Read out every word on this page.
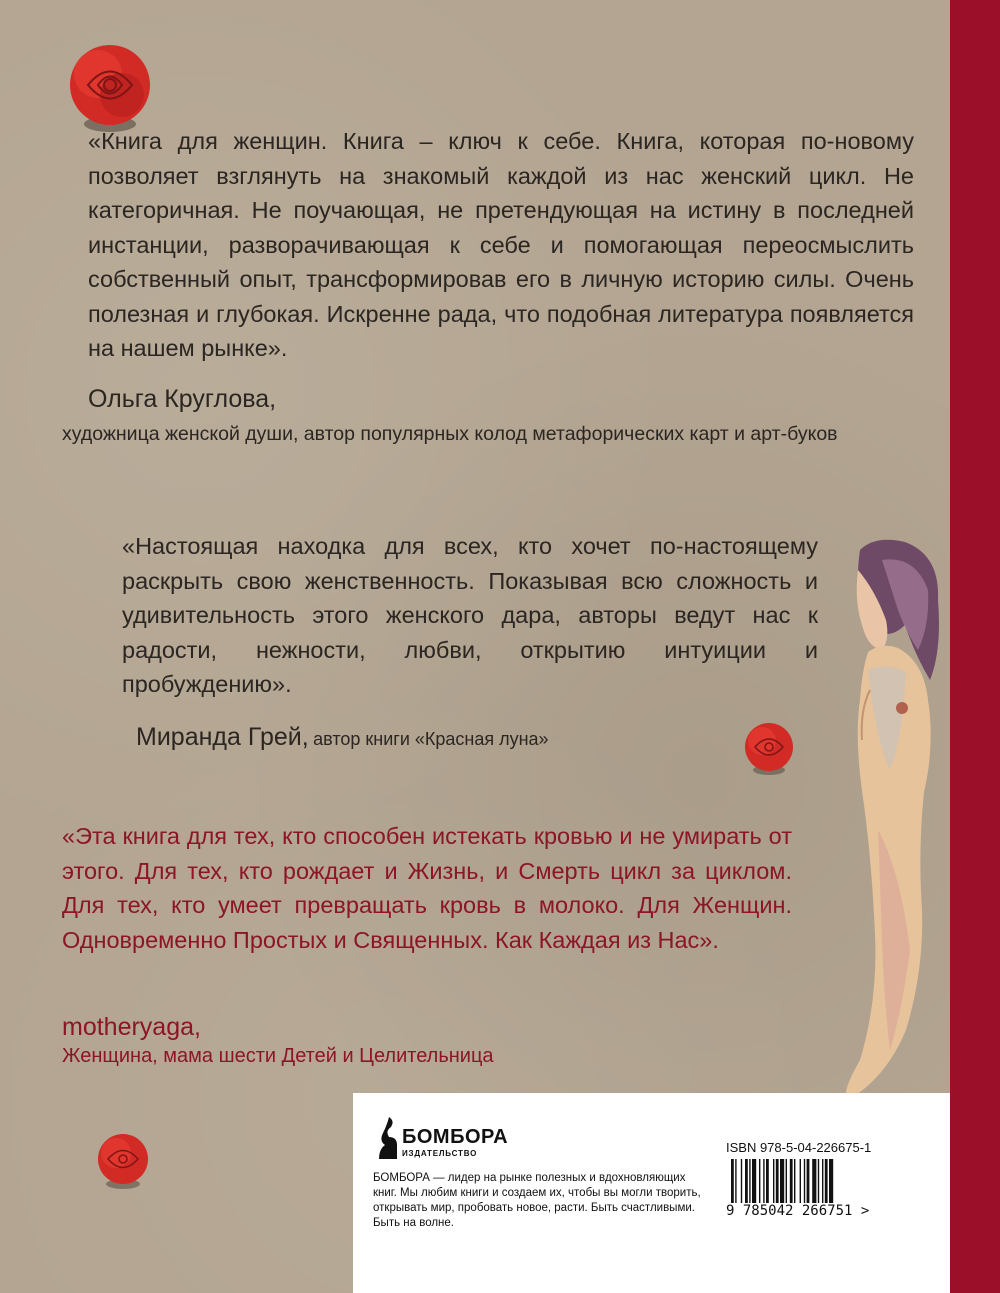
«Книга для женщин. Книга – ключ к себе. Книга, которая по-новому позволяет взглянуть на знакомый каждой из нас женский цикл. Не категоричная. Не поучающая, не претендующая на истину в последней инстанции, разворачивающая к себе и помогающая переосмыслить собственный опыт, трансформировав его в личную историю силы. Очень полезная и глубокая. Искренне рада, что подобная литература появляется на нашем рынке».

Ольга Круглова,

художница женской души, автор популярных колод метафорических карт и арт-буков

«Настоящая находка для всех, кто хочет по-настоящему раскрыть свою женственность. Показывая всю сложность и удивительность этого женского дара, авторы ведут нас к радости, нежности, любви, открытию интуиции и пробуждению».

Миранда Грей, автор книги «Красная луна»

«Эта книга для тех, кто способен истекать кровью и не умирать от этого. Для тех, кто рождает и Жизнь, и Смерть цикл за циклом. Для тех, кто умеет превращать кровь в молоко. Для Женщин. Одновременно Простых и Священных. Как Каждая из Нас».

motheryaga,

Женщина, мама шести Детей и Целительница

БОМБОРА

ИЗДАТЕЛЬСТВО

БОМБОРА — лидер на рынке полезных и вдохновляющих книг. Мы любим книги и создаем их, чтобы вы могли творить, открывать мир, пробовать новое, расти. Быть счастливыми. Быть на волне.

ISBN 978-5-04-226675-1

9 785042 266751 >
